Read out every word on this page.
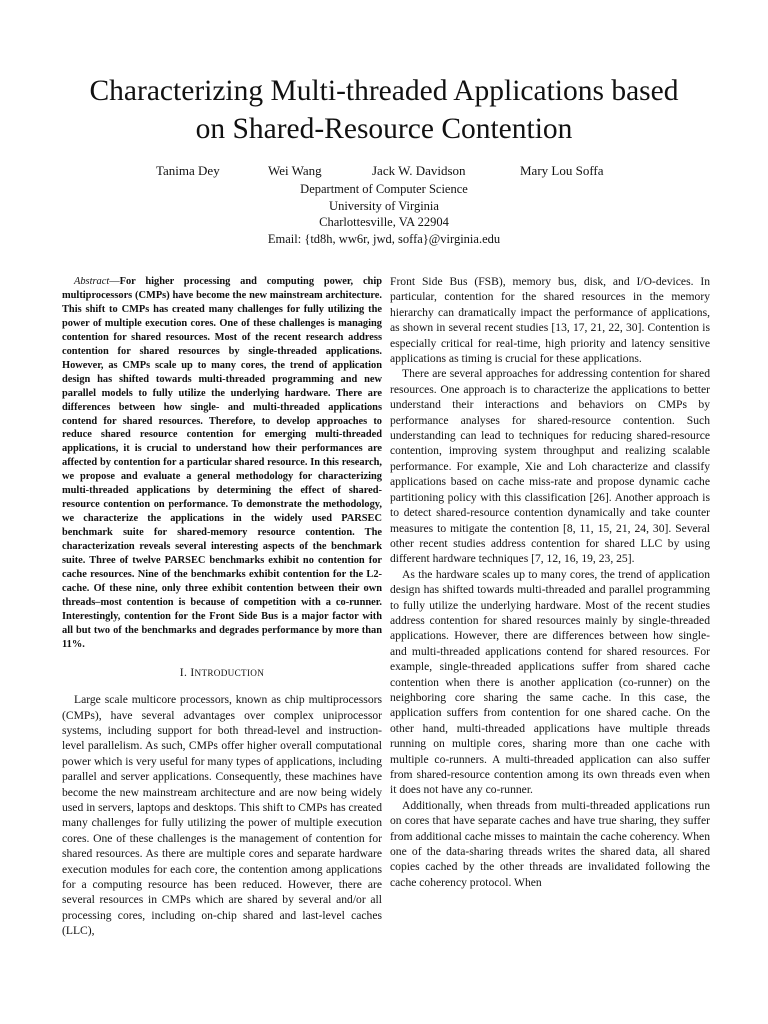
Characterizing Multi-threaded Applications based
on Shared-Resource Contention
Tanima Dey	Wei Wang	Jack W. Davidson	Mary Lou Soffa
Department of Computer Science
University of Virginia
Charlottesville, VA 22904
Email: {td8h, ww6r, jwd, soffa}@virginia.edu

Abstract—For higher processing and computing power, chip multiprocessors (CMPs) have become the new mainstream architecture. This shift to CMPs has created many challenges for fully utilizing the power of multiple execution cores. One of these challenges is managing contention for shared resources. Most of the recent research address contention for shared resources by single-threaded applications. However, as CMPs scale up to many cores, the trend of application design has shifted towards multi-threaded programming and new parallel models to fully utilize the underlying hardware. There are differences between how single- and multi-threaded applications contend for shared resources. Therefore, to develop approaches to reduce shared resource contention for emerging multi-threaded applications, it is crucial to understand how their performances are affected by contention for a particular shared resource. In this research, we propose and evaluate a general methodology for characterizing multi-threaded applications by determining the effect of shared-resource contention on performance. To demonstrate the methodology, we characterize the applications in the widely used PARSEC benchmark suite for shared-memory resource contention. The characterization reveals several interesting aspects of the benchmark suite. Three of twelve PARSEC benchmarks exhibit no contention for cache resources. Nine of the benchmarks exhibit contention for the L2-cache. Of these nine, only three exhibit contention between their own threads–most contention is because of competition with a co-runner. Interestingly, contention for the Front Side Bus is a major factor with all but two of the benchmarks and degrades performance by more than 11%.

I. INTRODUCTION

Large scale multicore processors, known as chip multiprocessors (CMPs), have several advantages over complex uniprocessor systems, including support for both thread-level and instruction-level parallelism. As such, CMPs offer higher overall computational power which is very useful for many types of applications, including parallel and server applications. Consequently, these machines have become the new mainstream architecture and are now being widely used in servers, laptops and desktops. This shift to CMPs has created many challenges for fully utilizing the power of multiple execution cores. One of these challenges is the management of contention for shared resources. As there are multiple cores and separate hardware execution modules for each core, the contention among applications for a computing resource has been reduced. However, there are several resources in CMPs which are shared by several and/or all processing cores, including on-chip shared and last-level caches (LLC),

Front Side Bus (FSB), memory bus, disk, and I/O-devices. In particular, contention for the shared resources in the memory hierarchy can dramatically impact the performance of applications, as shown in several recent studies [13, 17, 21, 22, 30]. Contention is especially critical for real-time, high priority and latency sensitive applications as timing is crucial for these applications.

There are several approaches for addressing contention for shared resources. One approach is to characterize the applications to better understand their interactions and behaviors on CMPs by performance analyses for shared-resource contention. Such understanding can lead to techniques for reducing shared-resource contention, improving system throughput and realizing scalable performance. For example, Xie and Loh characterize and classify applications based on cache miss-rate and propose dynamic cache partitioning policy with this classification [26]. Another approach is to detect shared-resource contention dynamically and take counter measures to mitigate the contention [8, 11, 15, 21, 24, 30]. Several other recent studies address contention for shared LLC by using different hardware techniques [7, 12, 16, 19, 23, 25].

As the hardware scales up to many cores, the trend of application design has shifted towards multi-threaded and parallel programming to fully utilize the underlying hardware. Most of the recent studies address contention for shared resources mainly by single-threaded applications. However, there are differences between how single- and multi-threaded applications contend for shared resources. For example, single-threaded applications suffer from shared cache contention when there is another application (co-runner) on the neighboring core sharing the same cache. In this case, the application suffers from contention for one shared cache. On the other hand, multi-threaded applications have multiple threads running on multiple cores, sharing more than one cache with multiple co-runners. A multi-threaded application can also suffer from shared-resource contention among its own threads even when it does not have any co-runner.

Additionally, when threads from multi-threaded applications run on cores that have separate caches and have true sharing, they suffer from additional cache misses to maintain the cache coherency. When one of the data-sharing threads writes the shared data, all shared copies cached by the other threads are invalidated following the cache coherency protocol. When
